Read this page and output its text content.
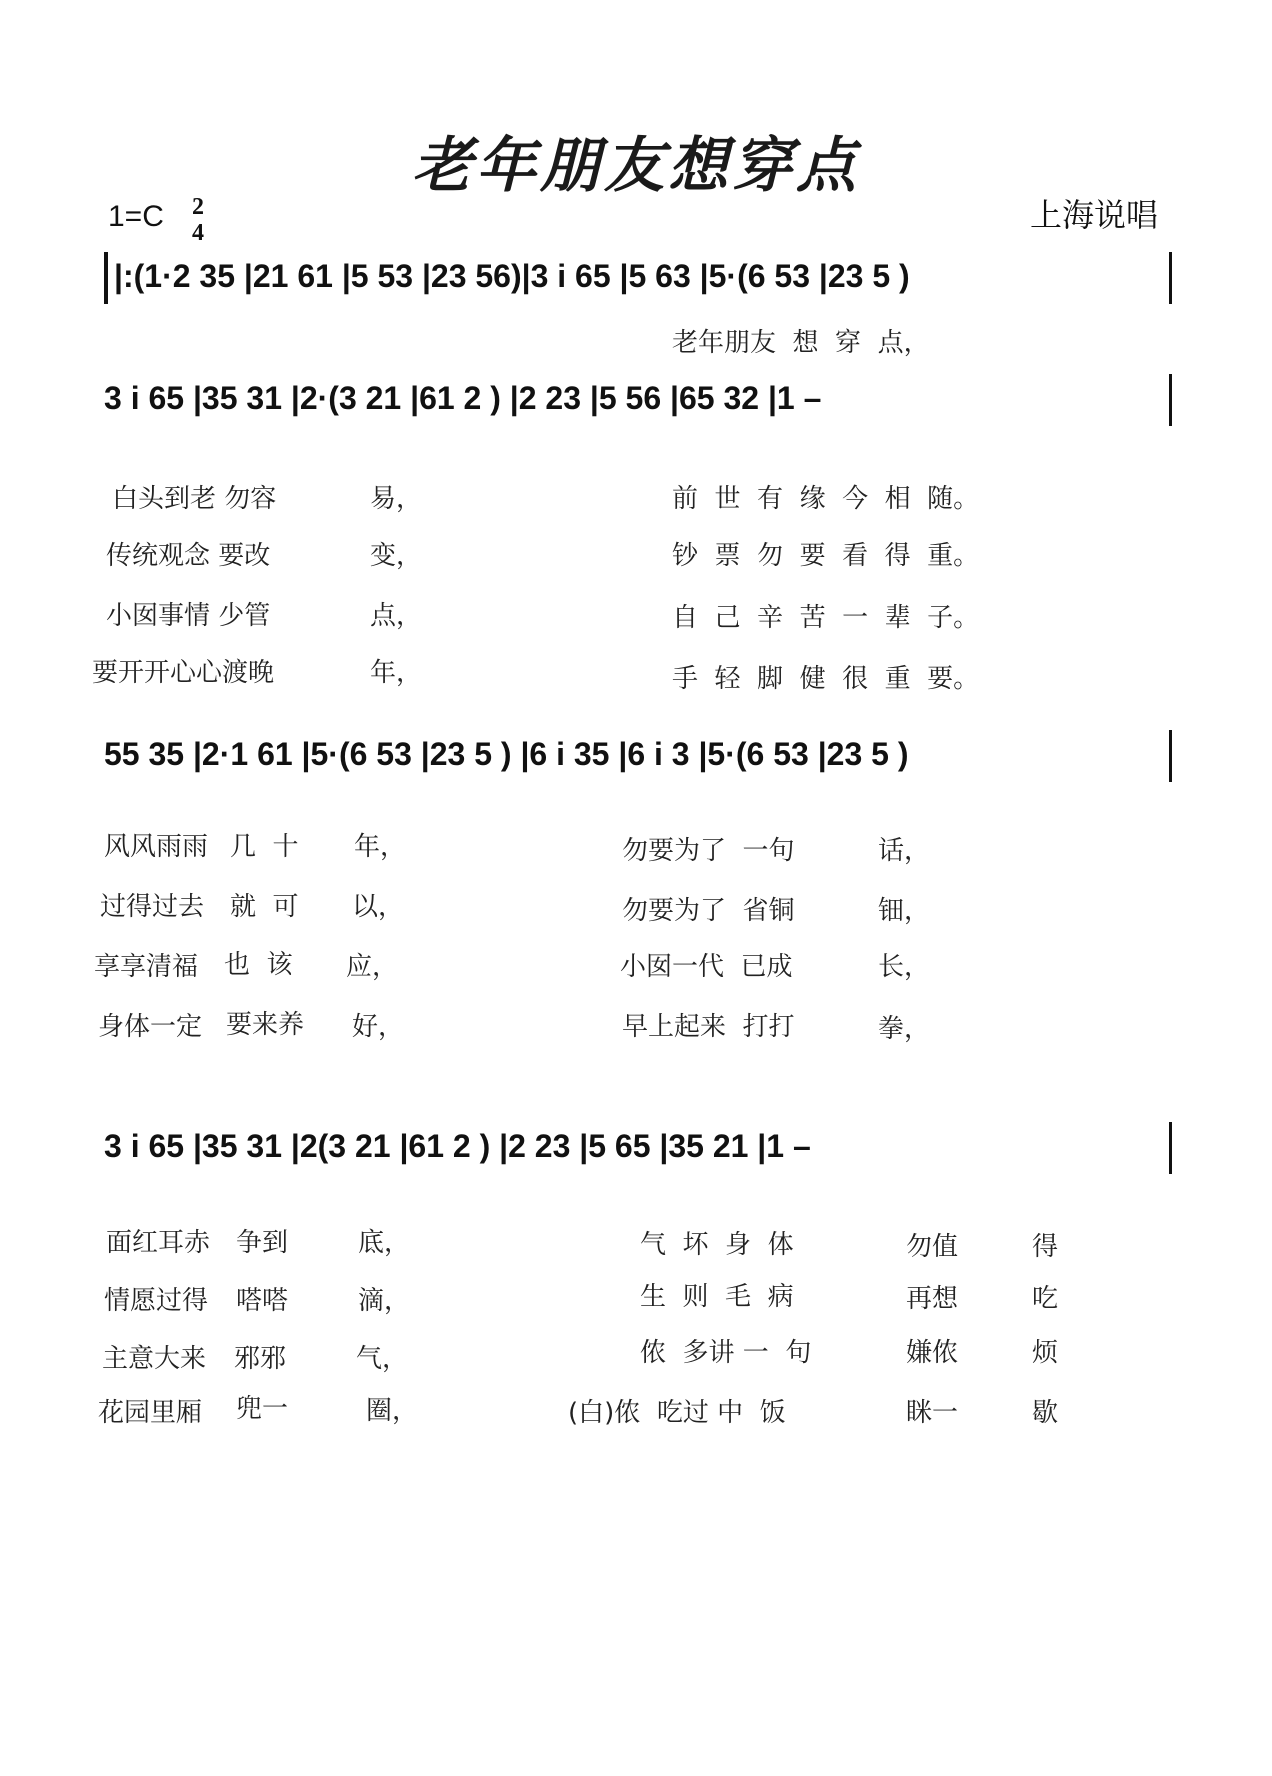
老年朋友想穿点
1=C 2
4	上海说唱
|:(1·2 35 |21 61 |5 53 |23 56)|3 i 65 |5 63 |5·(6 53 |23 5 )
老年朋友  想  穿  点，
3 i 65 |35 31 |2·(3 21 |61 2 ) |2 23 |5 56 |65 32 |1 –
白头到老 勿容	易，	前  世  有  缘  今  相  随。
传统观念 要改	变，	钞  票  勿  要  看  得  重。
小囡事情 少管	点，	自  己  辛  苦  一  辈  子。
要开开心心渡晚	年，	手  轻  脚  健  很  重  要。
55 35 |2·1 61 |5·(6 53 |23 5 ) |6 i 35 |6 i 3 |5·(6 53 |23 5 )
风风雨雨 几  十 年，	勿要为了  一句	话，
过得过去 就  可 以，	勿要为了  省铜	钿，
享享清福 也  该 应，	小囡一代  已成	长，
身体一定 要来养 好，	早上起来  打打	拳，
3 i 65 |35 31 |2(3 21 |61 2 ) |2 23 |5 65 |35 21 |1 –
面红耳赤 争到	底，	气  坏  身  体	勿值	得
情愿过得 嗒嗒	滴，	生  则  毛  病	再想	吃
主意大来 邪邪	气，	侬  多讲 一  句	嫌侬	烦
花园里厢 兜一	圈，	(白)侬  吃过 中  饭	眯一	歇
